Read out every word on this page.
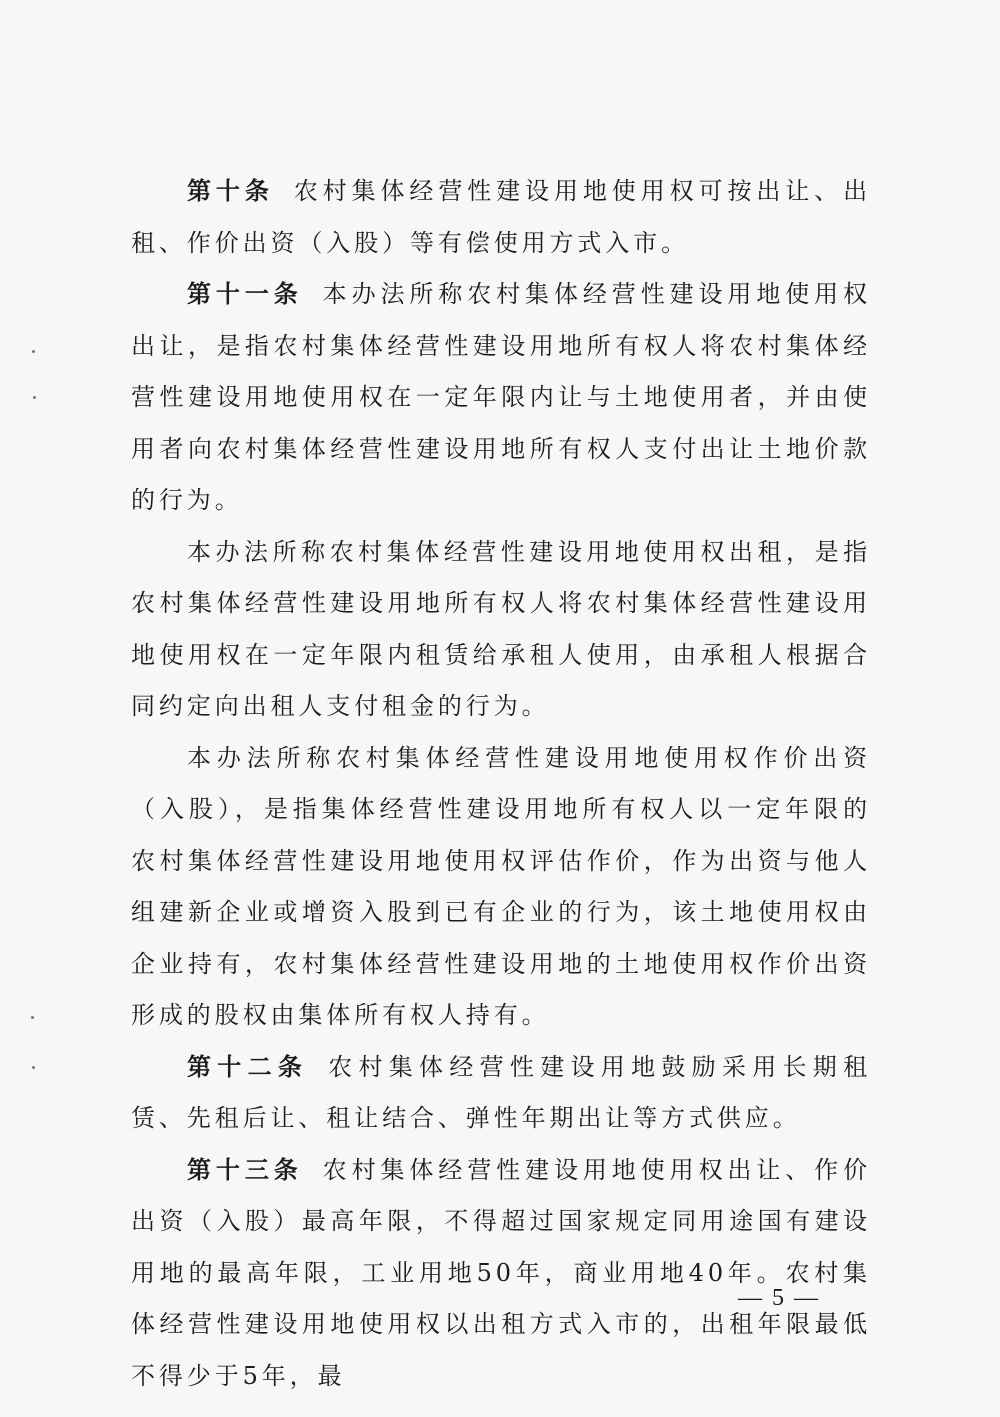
第十条 农村集体经营性建设用地使用权可按出让、出租、作价出资（入股）等有偿使用方式入市。

第十一条 本办法所称农村集体经营性建设用地使用权出让，是指农村集体经营性建设用地所有权人将农村集体经营性建设用地使用权在一定年限内让与土地使用者，并由使用者向农村集体经营性建设用地所有权人支付出让土地价款的行为。

本办法所称农村集体经营性建设用地使用权出租，是指农村集体经营性建设用地所有权人将农村集体经营性建设用地使用权在一定年限内租赁给承租人使用，由承租人根据合同约定向出租人支付租金的行为。

本办法所称农村集体经营性建设用地使用权作价出资（入股），是指集体经营性建设用地所有权人以一定年限的农村集体经营性建设用地使用权评估作价，作为出资与他人组建新企业或增资入股到已有企业的行为，该土地使用权由企业持有，农村集体经营性建设用地的土地使用权作价出资形成的股权由集体所有权人持有。

第十二条 农村集体经营性建设用地鼓励采用长期租赁、先租后让、租让结合、弹性年期出让等方式供应。

第十三条 农村集体经营性建设用地使用权出让、作价出资（入股）最高年限，不得超过国家规定同用途国有建设用地的最高年限，工业用地50年，商业用地40年。农村集体经营性建设用地使用权以出租方式入市的，出租年限最低不得少于5年，最

— 5 —
